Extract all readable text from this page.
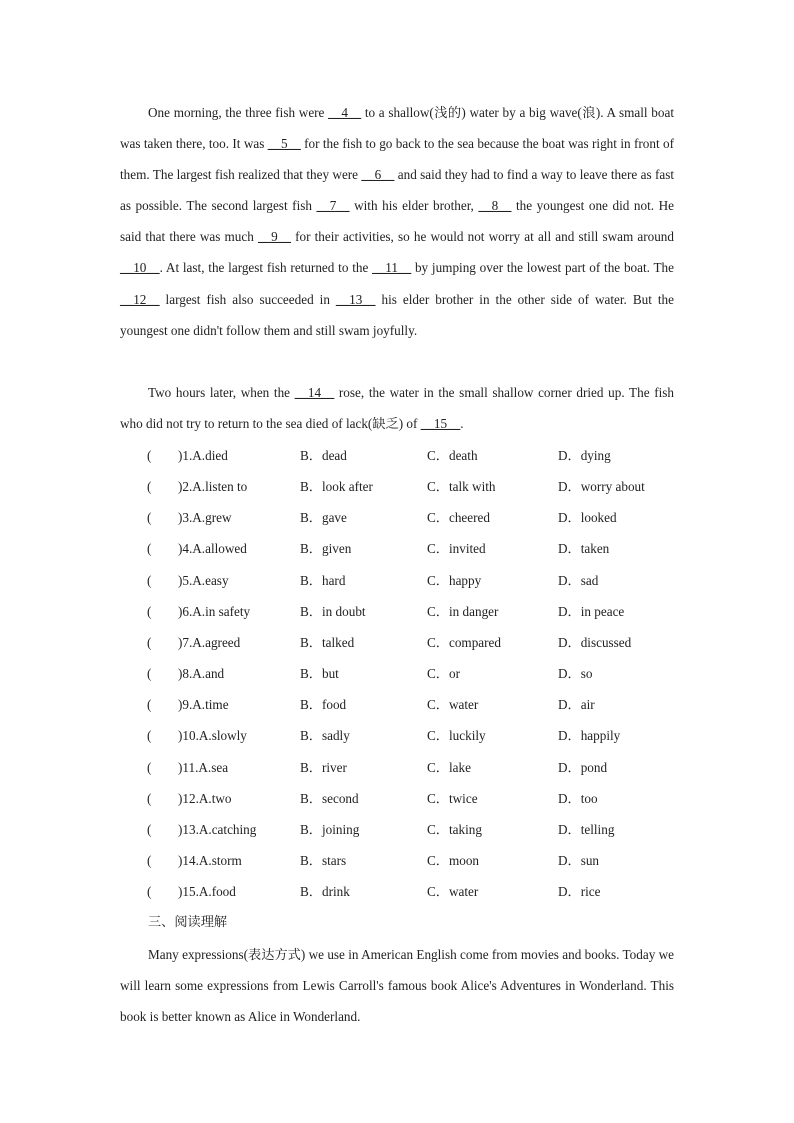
One morning, the three fish were __4__ to a shallow(浅的) water by a big wave(浪). A small boat was taken there, too. It was __5__ for the fish to go back to the sea because the boat was right in front of them. The largest fish realized that they were __6__ and said they had to find a way to leave there as fast as possible. The second largest fish __7__ with his elder brother, __8__ the youngest one did not. He said that there was much __9__ for their activities, so he would not worry at all and still swam around __10__. At last, the largest fish returned to the __11__ by jumping over the lowest part of the boat. The __12__ largest fish also succeeded in __13__ his elder brother in the other side of water. But the youngest one didn't follow them and still swam joyfully.

Two hours later, when the __14__ rose, the water in the small shallow corner dried up. The fish who did not try to return to the sea died of lack(缺乏) of __15__.

( )1.A.died	B．dead	C．death	D．dying
( )2.A.listen to	B．look after	C．talk with	D．worry about
( )3.A.grew	B．gave	C．cheered	D．looked
( )4.A.allowed	B．given	C．invited	D．taken
( )5.A.easy	B．hard	C．happy	D．sad
( )6.A.in safety	B．in doubt	C．in danger	D．in peace
( )7.A.agreed	B．talked	C．compared	D．discussed
( )8.A.and	B．but	C．or	D．so
( )9.A.time	B．food	C．water	D．air
( )10.A.slowly	B．sadly	C．luckily	D．happily
( )11.A.sea	B．river	C．lake	D．pond
( )12.A.two	B．second	C．twice	D．too
( )13.A.catching	B．joining	C．taking	D．telling
( )14.A.storm	B．stars	C．moon	D．sun
( )15.A.food	B．drink	C．water	D．rice
三、阅读理解

Many expressions(表达方式) we use in American English come from movies and books. Today we will learn some expressions from Lewis Carroll's famous book Alice's Adventures in Wonderland. This book is better known as Alice in Wonderland.
